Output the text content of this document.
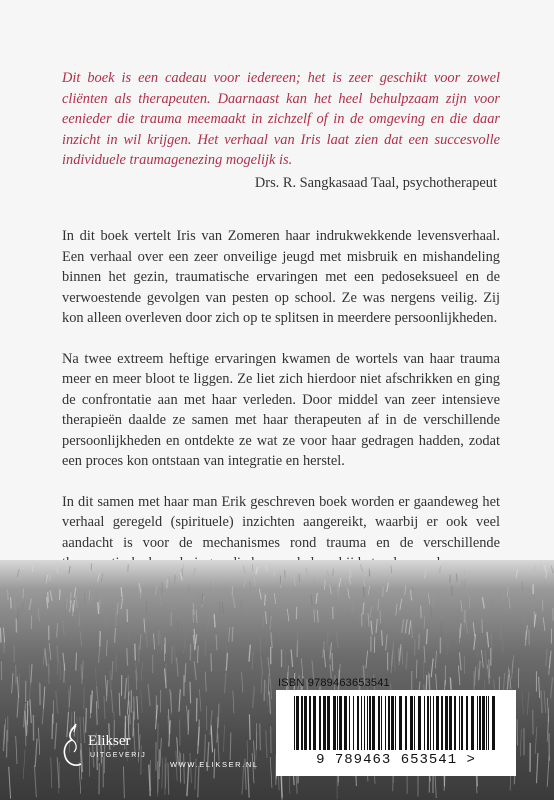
Dit boek is een cadeau voor iedereen; het is zeer geschikt voor zowel cliënten als therapeuten. Daarnaast kan het heel behulpzaam zijn voor eenieder die trauma meemaakt in zichzelf of in de omgeving en die daar inzicht in wil krijgen. Het verhaal van Iris laat zien dat een succesvolle individuele traumagenezing mogelijk is.
Drs. R. Sangkasaad Taal, psychotherapeut

In dit boek vertelt Iris van Zomeren haar indrukwekkende levensverhaal. Een verhaal over een zeer onveilige jeugd met misbruik en mishandeling binnen het gezin, traumatische ervaringen met een pedoseksueel en de verwoestende gevolgen van pesten op school. Ze was nergens veilig. Zij kon alleen overleven door zich op te splitsen in meerdere persoonlijkheden.

Na twee extreem heftige ervaringen kwamen de wortels van haar trauma meer en meer bloot te liggen. Ze liet zich hierdoor niet afschrikken en ging de confrontatie aan met haar verleden. Door middel van zeer intensieve therapieën daalde ze samen met haar therapeuten af in de verschillende persoonlijkheden en ontdekte ze wat ze voor haar gedragen hadden, zodat een proces kon ontstaan van integratie en herstel.

In dit samen met haar man Erik geschreven boek worden er gaandeweg het verhaal geregeld (spirituele) inzichten aangereikt, waarbij er ook veel aandacht is voor de mechanismes rond trauma en de verschillende

ISBN 9789463653541
9 789463 653541 >
Elikser
UITGEVERIJ
WWW.ELIKSER.NL
